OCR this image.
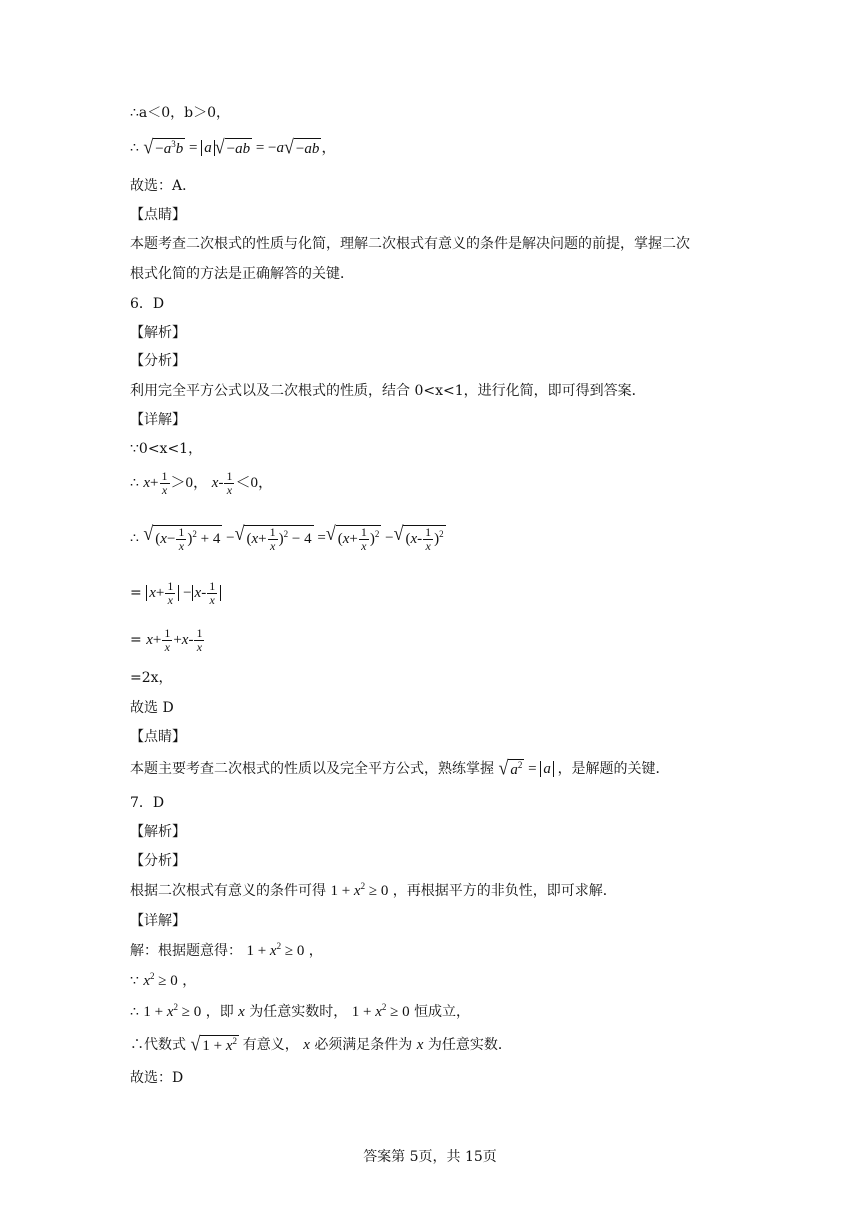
∴a＜0，b＞0，
∴ √ $-a^3b = a$ √ −ab = −a √ −ab ，
故选：A．
【点睛】
本题考查二次根式的性质与化简，理解二次根式有意义的条件是解决问题的前提，掌握二次
根式化简的方法是正确解答的关键．
6．D
【解析】
【分析】
利用完全平方公式以及二次根式的性质，结合 0<x<1，进行化简，即可得到答案．
【详解】
∵0<x<1，
∴ $x+ \frac{1}{x} >0$， $x- \frac{1}{x} <0$，
∴ √ $(x- \frac{1}{x} )^2 + 4$ − √ $(x+ \frac{1}{x} )^2 - 4$ = √ $(x+ \frac{1}{x} )^2$ − √ $(x- \frac{1}{x} )^2$
= $x+ \frac{1}{x} - x- \frac{1}{x}$
= $x+ \frac{1}{x} +x- \frac{1}{x}$
=2x，
故选 D
【点睛】
本题主要考查二次根式的性质以及完全平方公式，熟练掌握 √ $a^2 = a$ ，是解题的关键．
7．D
【解析】
【分析】
根据二次根式有意义的条件可得 $1 + x^2 \ge 0$ ，再根据平方的非负性，即可求解．
【详解】
解：根据题意得： $1 + x^2 \ge 0$ ，
∵ $x^2 \ge 0$ ，
∴ $1 + x^2 \ge 0$ ，即 x 为任意实数时， $1 + x^2 \ge 0$ 恒成立，
∴代数式 √ $1 + x^2$ 有意义， x 必须满足条件为 x 为任意实数．
故选：D
答案第 5页，共 15页
